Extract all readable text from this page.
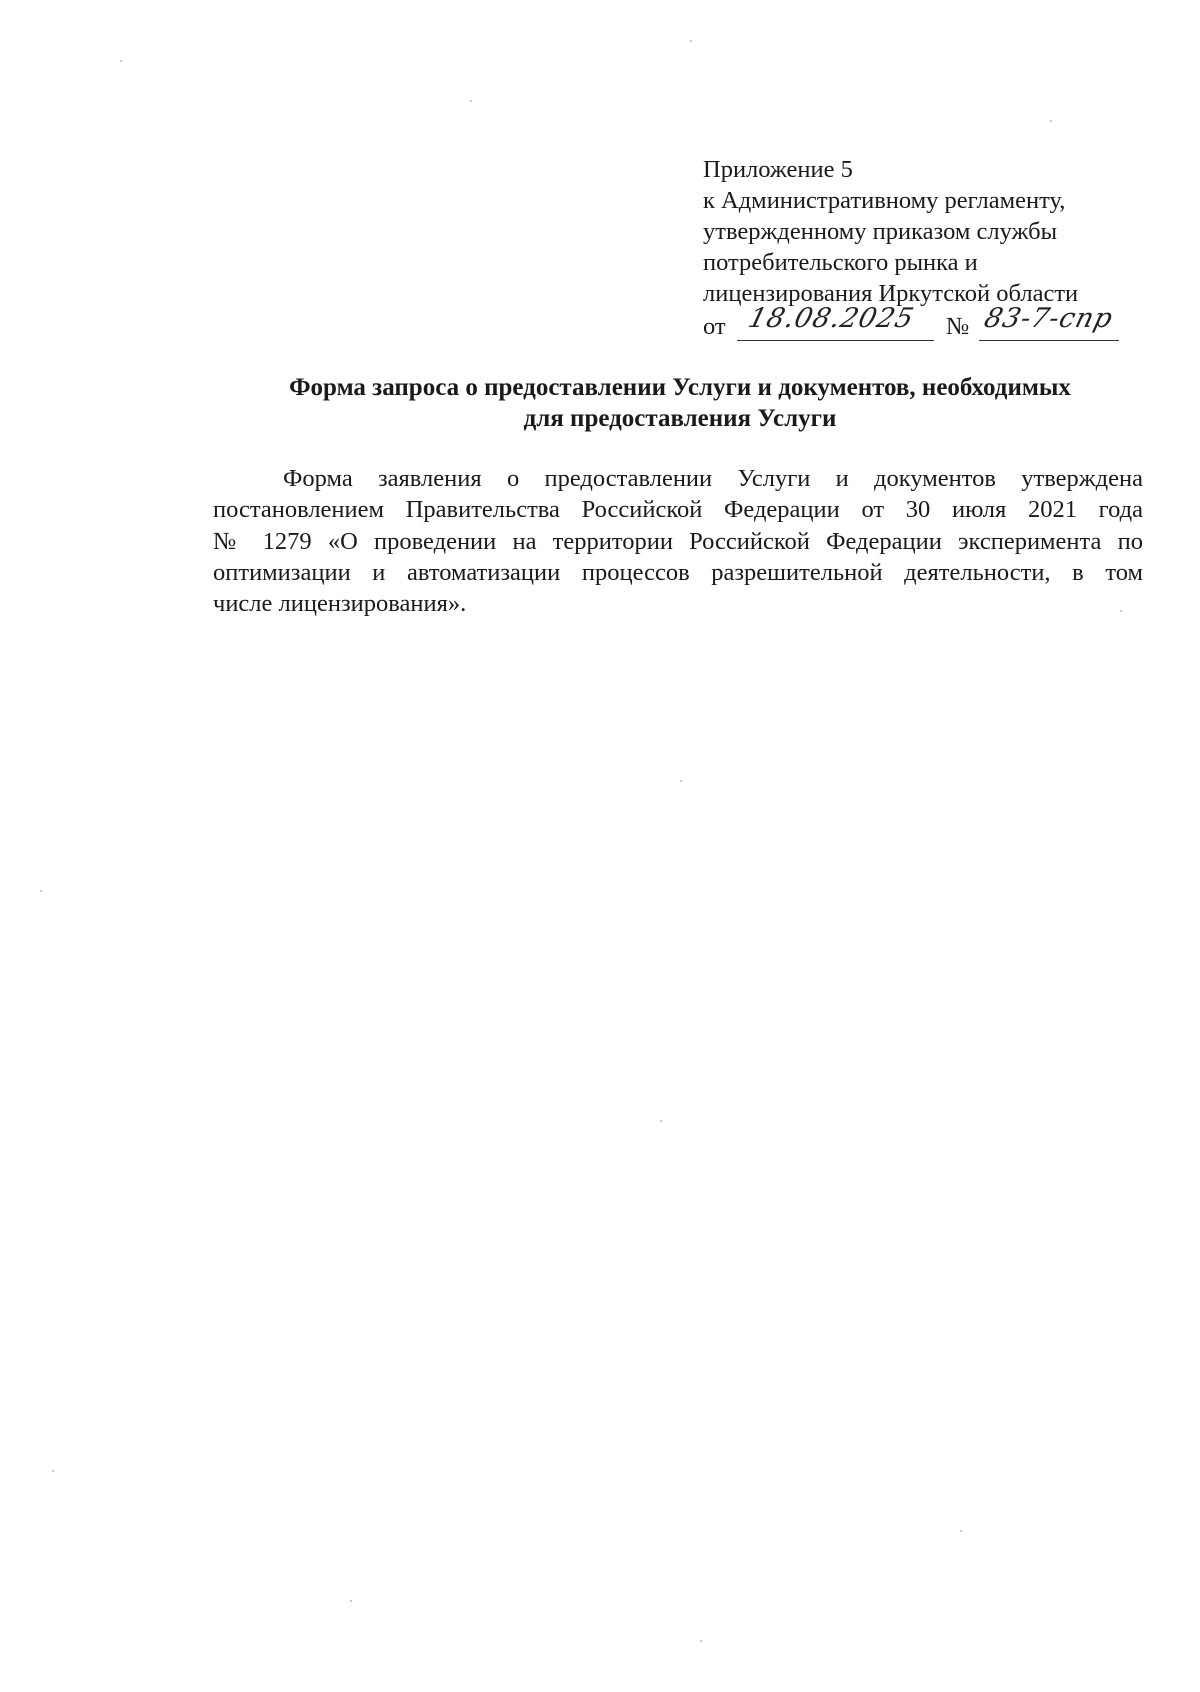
Приложение 5
к Административному регламенту,
утвержденному приказом службы
потребительского рынка и
лицензирования Иркутской области
от 18.08.2025 № 83-7-спр
Форма запроса о предоставлении Услуги и документов, необходимых
для предоставления Услуги
Форма заявления о предоставлении Услуги и документов утверждена
постановлением Правительства Российской Федерации от 30 июля 2021 года
№ 1279 «О проведении на территории Российской Федерации эксперимента по
оптимизации и автоматизации процессов разрешительной деятельности, в том
числе лицензирования».
